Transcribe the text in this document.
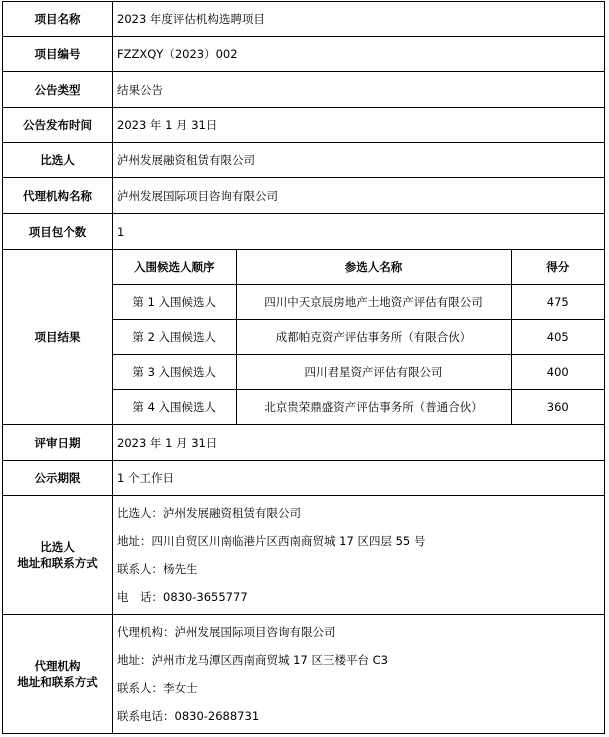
项目名称	2023 年度评估机构选聘项目
项目编号	FZZXQY（2023）002
公告类型	结果公告
公告发布时间	2023 年 1 月 31日
比选人	泸州发展融资租赁有限公司
代理机构名称	泸州发展国际项目咨询有限公司
项目包个数	1
项目结果	
入围候选人顺序	参选人名称	得分
第 1 入围候选人	四川中天京辰房地产土地资产评估有限公司	475
第 2 入围候选人	成都帕克资产评估事务所（有限合伙）	405
第 3 入围候选人	四川君星资产评估有限公司	400
第 4 入围候选人	北京贵荣鼎盛资产评估事务所（普通合伙）	360

评审日期	2023 年 1 月 31日
公示期限	1 个工作日

比选人
地址和联系方式

比选人：泸州发展融资租赁有限公司
地址：四川自贸区川南临港片区西南商贸城 17 区四层 55 号
联系人：杨先生
电　话：0830-3655777

代理机构
地址和联系方式

代理机构：泸州发展国际项目咨询有限公司
地址：泸州市龙马潭区西南商贸城 17 区三楼平台 C3
联系人：李女士
联系电话：0830-2688731
